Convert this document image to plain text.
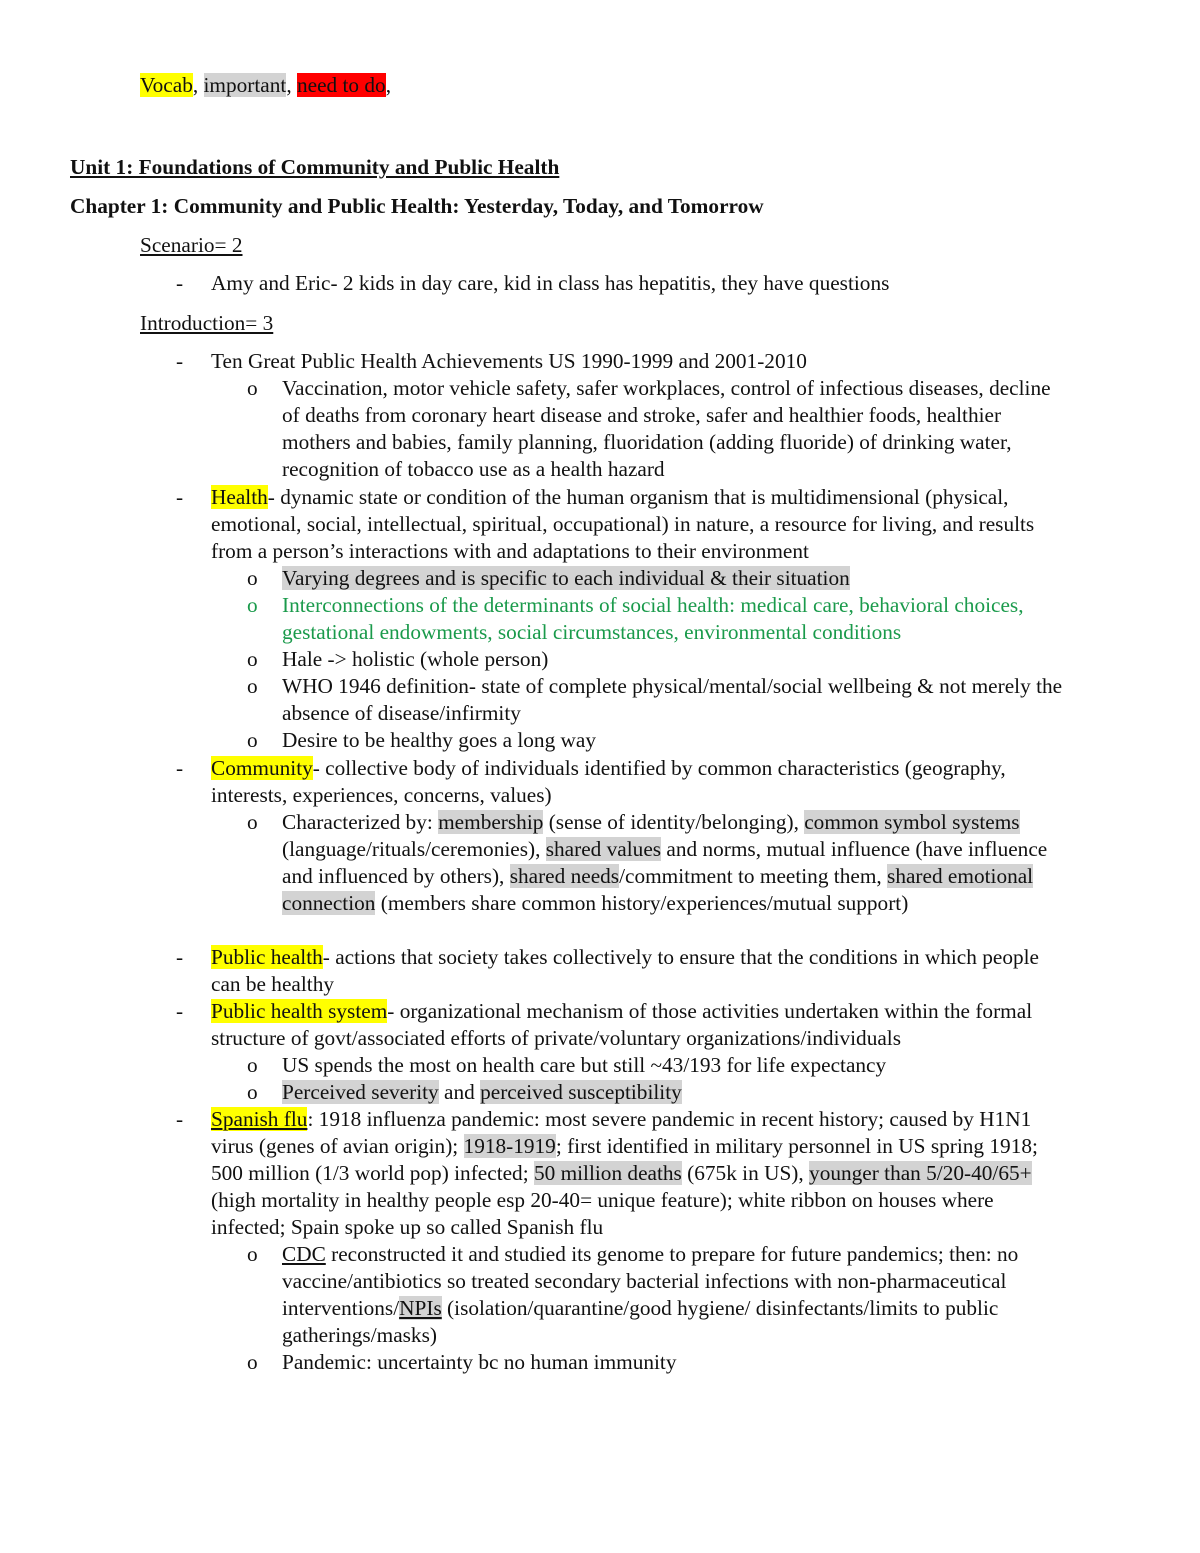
Vocab, important, need to do,
Unit 1: Foundations of Community and Public Health
Chapter 1: Community and Public Health: Yesterday, Today, and Tomorrow
Scenario= 2
- Amy and Eric- 2 kids in day care, kid in class has hepatitis, they have questions
Introduction= 3
- Ten Great Public Health Achievements US 1990-1999 and 2001-2010
o Vaccination, motor vehicle safety, safer workplaces, control of infectious diseases, decline of deaths from coronary heart disease and stroke, safer and healthier foods, healthier mothers and babies, family planning, fluoridation (adding fluoride) of drinking water, recognition of tobacco use as a health hazard
- Health- dynamic state or condition of the human organism that is multidimensional (physical, emotional, social, intellectual, spiritual, occupational) in nature, a resource for living, and results from a person’s interactions with and adaptations to their environment
o Varying degrees and is specific to each individual & their situation
o Interconnections of the determinants of social health: medical care, behavioral choices, gestational endowments, social circumstances, environmental conditions
o Hale -> holistic (whole person)
o WHO 1946 definition- state of complete physical/mental/social wellbeing & not merely the absence of disease/infirmity
o Desire to be healthy goes a long way
- Community- collective body of individuals identified by common characteristics (geography, interests, experiences, concerns, values)
o Characterized by: membership (sense of identity/belonging), common symbol systems (language/rituals/ceremonies), shared values and norms, mutual influence (have influence and influenced by others), shared needs/commitment to meeting them, shared emotional connection (members share common history/experiences/mutual support)
- Public health- actions that society takes collectively to ensure that the conditions in which people can be healthy
- Public health system- organizational mechanism of those activities undertaken within the formal structure of govt/associated efforts of private/voluntary organizations/individuals
o US spends the most on health care but still ~43/193 for life expectancy
o Perceived severity and perceived susceptibility
- Spanish flu: 1918 influenza pandemic: most severe pandemic in recent history; caused by H1N1 virus (genes of avian origin); 1918-1919; first identified in military personnel in US spring 1918; 500 million (1/3 world pop) infected; 50 million deaths (675k in US), younger than 5/20-40/65+ (high mortality in healthy people esp 20-40= unique feature); white ribbon on houses where infected; Spain spoke up so called Spanish flu
o CDC reconstructed it and studied its genome to prepare for future pandemics; then: no vaccine/antibiotics so treated secondary bacterial infections with non-pharmaceutical interventions/NPIs (isolation/quarantine/good hygiene/ disinfectants/limits to public gatherings/masks)
o Pandemic: uncertainty bc no human immunity
